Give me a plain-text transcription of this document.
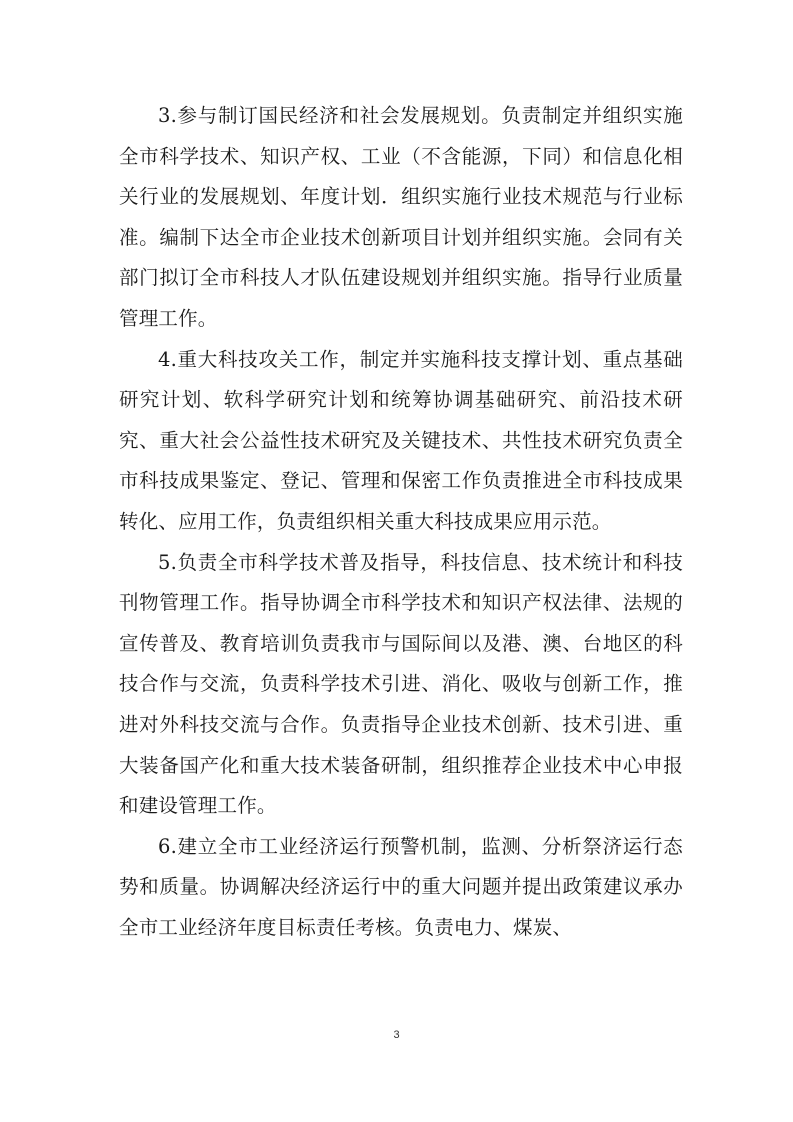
3.参与制订国民经济和社会发展规划。负责制定并组织实施全市科学技术、知识产权、工业（不含能源，下同）和信息化相关行业的发展规划、年度计划．组织实施行业技术规范与行业标准。编制下达全市企业技术创新项目计划并组织实施。会同有关部门拟订全市科技人才队伍建设规划并组织实施。指导行业质量管理工作。

4.重大科技攻关工作，制定并实施科技支撑计划、重点基础研究计划、软科学研究计划和统筹协调基础研究、前沿技术研究、重大社会公益性技术研究及关键技术、共性技术研究负责全市科技成果鉴定、登记、管理和保密工作负责推进全市科技成果转化、应用工作，负责组织相关重大科技成果应用示范。

5.负责全市科学技术普及指导，科技信息、技术统计和科技刊物管理工作。指导协调全市科学技术和知识产权法律、法规的宣传普及、教育培训负责我市与国际间以及港、澳、台地区的科技合作与交流，负责科学技术引进、消化、吸收与创新工作，推进对外科技交流与合作。负责指导企业技术创新、技术引进、重大装备国产化和重大技术装备研制，组织推荐企业技术中心申报和建设管理工作。

6.建立全市工业经济运行预警机制，监测、分析祭济运行态势和质量。协调解决经济运行中的重大问题并提出政策建议承办全市工业经济年度目标责任考核。负责电力、煤炭、

3
